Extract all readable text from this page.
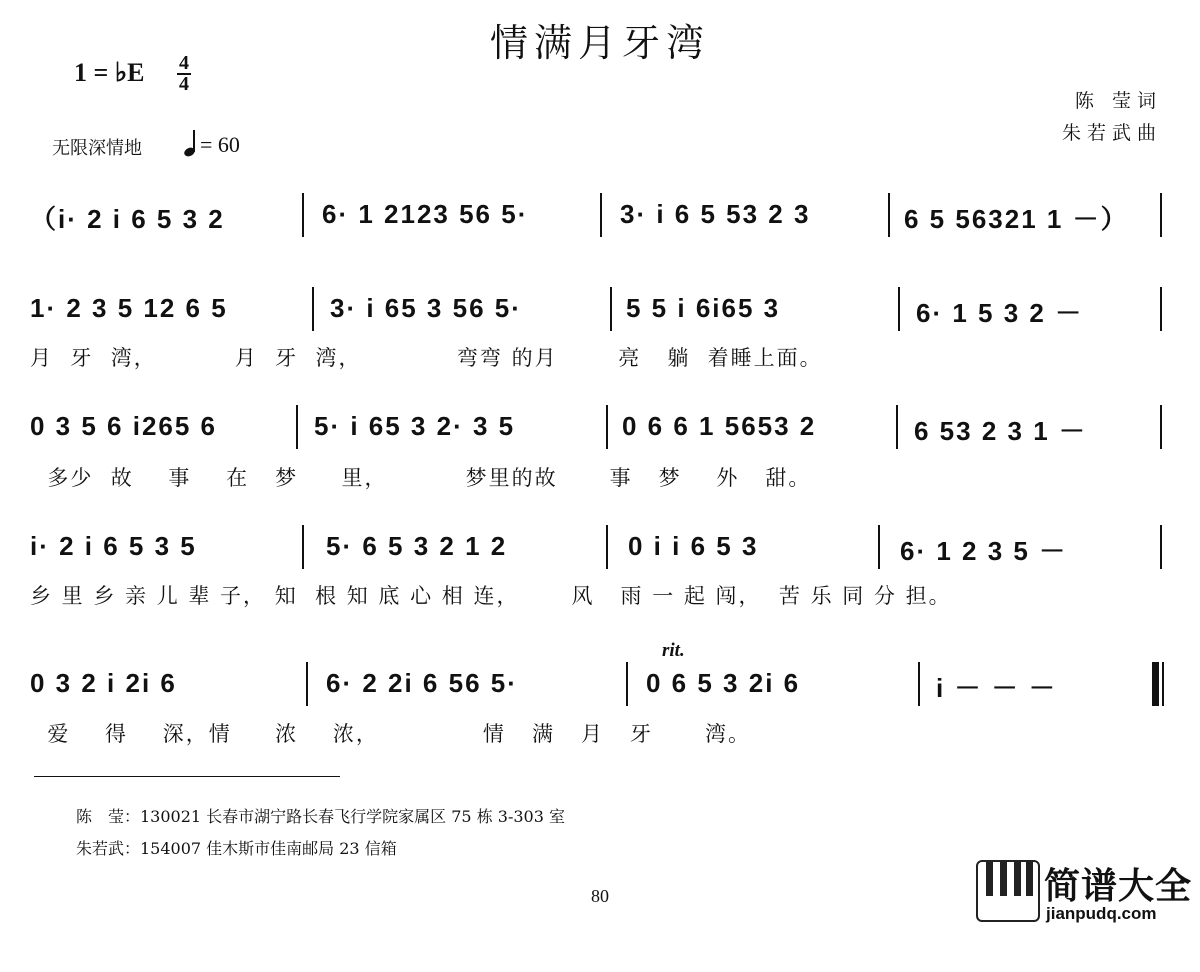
情满月牙湾
1 = ♭E 4
4
陈 莹词
朱若武曲
无限深情地	= 60

（i· 2 i 6 5 3 2

	6· 1 2123 56 5·

	3· i 6 5 53 2 3

	6 5 56321 1 －）

1· 2 3 5 12 6 5

	3· i 65 3 56 5·

	5 5 i 6i65 3

	6· 1 5 3 2 －

月  牙  湾，         月  牙  湾，           弯弯 的月       亮   躺  着睡上面。

0 3 5 6 i265 6

	5· i 65 3 2· 3 5

	0 6 6 1 5653 2

	6 53 2 3 1 －

多少  故    事    在   梦     里，         梦里的故      事   梦    外   甜。

i· 2 i 6 5 3 5

	5· 6 5 3 2 1 2

	0 i i 6 5 3

	6· 1 2 3 5 －

乡 里 乡 亲 儿 辈 子， 知  根 知 底 心 相 连，      风   雨 一 起 闯，  苦 乐 同 分 担。
rit.

0 3 2 i 2i 6

	6· 2 2i 6 56 5·

	0 6 5 3 2i 6

	i － － －

爱    得    深，情     浓    浓，            情   满   月   牙      湾。
陈　莹：130021 长春市湖宁路长春飞行学院家属区 75 栋 3-303 室
朱若武：154007 佳木斯市佳南邮局 23 信箱
80	简谱大全
jianpudq.com
